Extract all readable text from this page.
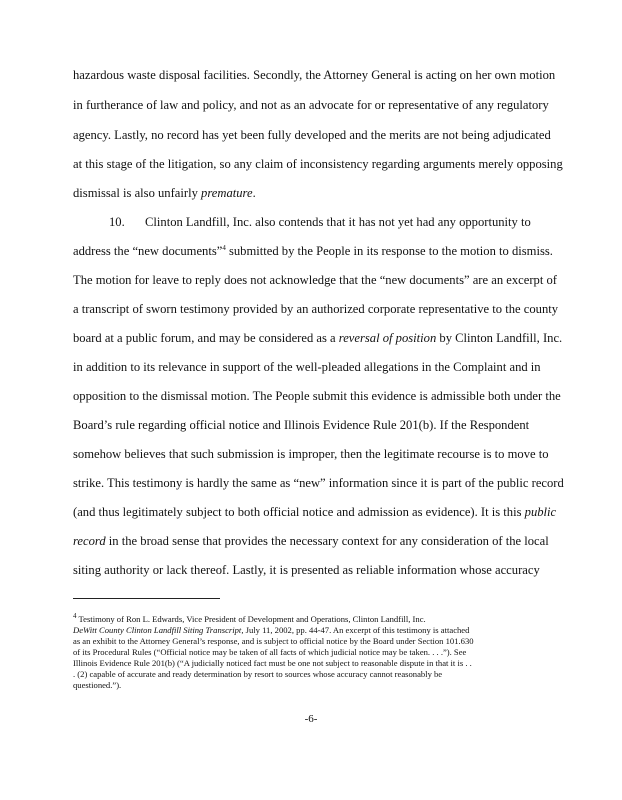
hazardous waste disposal facilities. Secondly, the Attorney General is acting on her own motion

in furtherance of law and policy, and not as an advocate for or representative of any regulatory

agency. Lastly, no record has yet been fully developed and the merits are not being adjudicated

at this stage of the litigation, so any claim of inconsistency regarding arguments merely opposing

dismissal is also unfairly premature.

10. Clinton Landfill, Inc. also contends that it has not yet had any opportunity to

address the “new documents”$^4$ submitted by the People in its response to the motion to dismiss.

The motion for leave to reply does not acknowledge that the “new documents” are an excerpt of

a transcript of sworn testimony provided by an authorized corporate representative to the county

board at a public forum, and may be considered as a reversal of position by Clinton Landfill, Inc.

in addition to its relevance in support of the well-pleaded allegations in the Complaint and in

opposition to the dismissal motion. The People submit this evidence is admissible both under the

Board’s rule regarding official notice and Illinois Evidence Rule 201(b). If the Respondent

somehow believes that such submission is improper, then the legitimate recourse is to move to

strike. This testimony is hardly the same as “new” information since it is part of the public record

(and thus legitimately subject to both official notice and admission as evidence). It is this public

record in the broad sense that provides the necessary context for any consideration of the local

siting authority or lack thereof. Lastly, it is presented as reliable information whose accuracy

$^4$ Testimony of Ron L. Edwards, Vice President of Development and Operations, Clinton Landfill, Inc.

DeWitt County Clinton Landfill Siting Transcript, July 11, 2002, pp. 44-47. An excerpt of this testimony is attached

as an exhibit to the Attorney General’s response, and is subject to official notice by the Board under Section 101.630

of its Procedural Rules (“Official notice may be taken of all facts of which judicial notice may be taken. . . .”). See

Illinois Evidence Rule 201(b) (“A judicially noticed fact must be one not subject to reasonable dispute in that it is . .

. (2) capable of accurate and ready determination by resort to sources whose accuracy cannot reasonably be

questioned.”).

-6-
